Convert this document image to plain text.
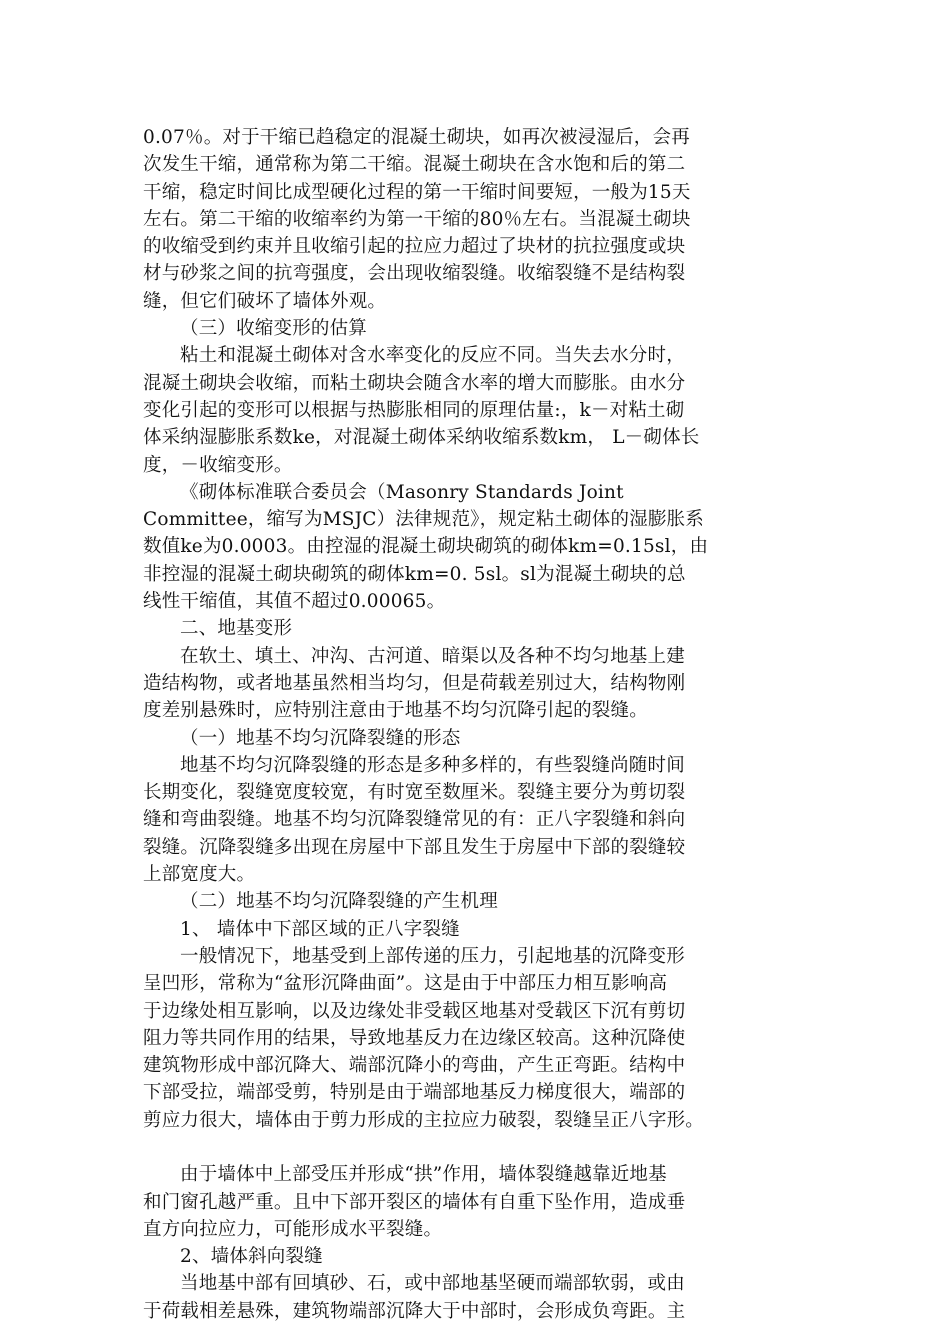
0.07％。对于干缩已趋稳定的混凝土砌块，如再次被浸湿后，会再
次发生干缩，通常称为第二干缩。混凝土砌块在含水饱和后的第二
干缩，稳定时间比成型硬化过程的第一干缩时间要短，一般为15天
左右。第二干缩的收缩率约为第一干缩的80％左右。当混凝土砌块
的收缩受到约束并且收缩引起的拉应力超过了块材的抗拉强度或块
材与砂浆之间的抗弯强度，会出现收缩裂缝。收缩裂缝不是结构裂
缝，但它们破坏了墙体外观。
（三）收缩变形的估算
粘土和混凝土砌体对含水率变化的反应不同。当失去水分时，
混凝土砌块会收缩，而粘土砌块会随含水率的增大而膨胀。由水分
变化引起的变形可以根据与热膨胀相同的原理估量:，k－对粘土砌
体采纳湿膨胀系数ke，对混凝土砌体采纳收缩系数km， L－砌体长
度，－收缩变形。
《砌体标准联合委员会（Masonry Standards Joint
Committee，缩写为MSJC）法律规范》，规定粘土砌体的湿膨胀系
数值ke为0.0003。由控湿的混凝土砌块砌筑的砌体km=0.15sl，由
非控湿的混凝土砌块砌筑的砌体km=0. 5sl。sl为混凝土砌块的总
线性干缩值，其值不超过0.00065。
二、地基变形
在软土、填土、冲沟、古河道、暗渠以及各种不均匀地基上建
造结构物，或者地基虽然相当均匀，但是荷载差别过大，结构物刚
度差别悬殊时，应特别注意由于地基不均匀沉降引起的裂缝。
（一）地基不均匀沉降裂缝的形态
地基不均匀沉降裂缝的形态是多种多样的，有些裂缝尚随时间
长期变化，裂缝宽度较宽，有时宽至数厘米。裂缝主要分为剪切裂
缝和弯曲裂缝。地基不均匀沉降裂缝常见的有：正八字裂缝和斜向
裂缝。沉降裂缝多出现在房屋中下部且发生于房屋中下部的裂缝较
上部宽度大。
（二）地基不均匀沉降裂缝的产生机理
1、 墙体中下部区域的正八字裂缝
一般情况下，地基受到上部传递的压力，引起地基的沉降变形
呈凹形，常称为“盆形沉降曲面”。这是由于中部压力相互影响高
于边缘处相互影响，以及边缘处非受载区地基对受载区下沉有剪切
阻力等共同作用的结果，导致地基反力在边缘区较高。这种沉降使
建筑物形成中部沉降大、端部沉降小的弯曲，产生正弯距。结构中
下部受拉，端部受剪，特别是由于端部地基反力梯度很大，端部的
剪应力很大，墙体由于剪力形成的主拉应力破裂，裂缝呈正八字形。
由于墙体中上部受压并形成“拱”作用，墙体裂缝越靠近地基
和门窗孔越严重。且中下部开裂区的墙体有自重下坠作用，造成垂
直方向拉应力，可能形成水平裂缝。
2、墙体斜向裂缝
当地基中部有回填砂、石，或中部地基坚硬而端部软弱，或由
于荷载相差悬殊，建筑物端部沉降大于中部时，会形成负弯距。主
